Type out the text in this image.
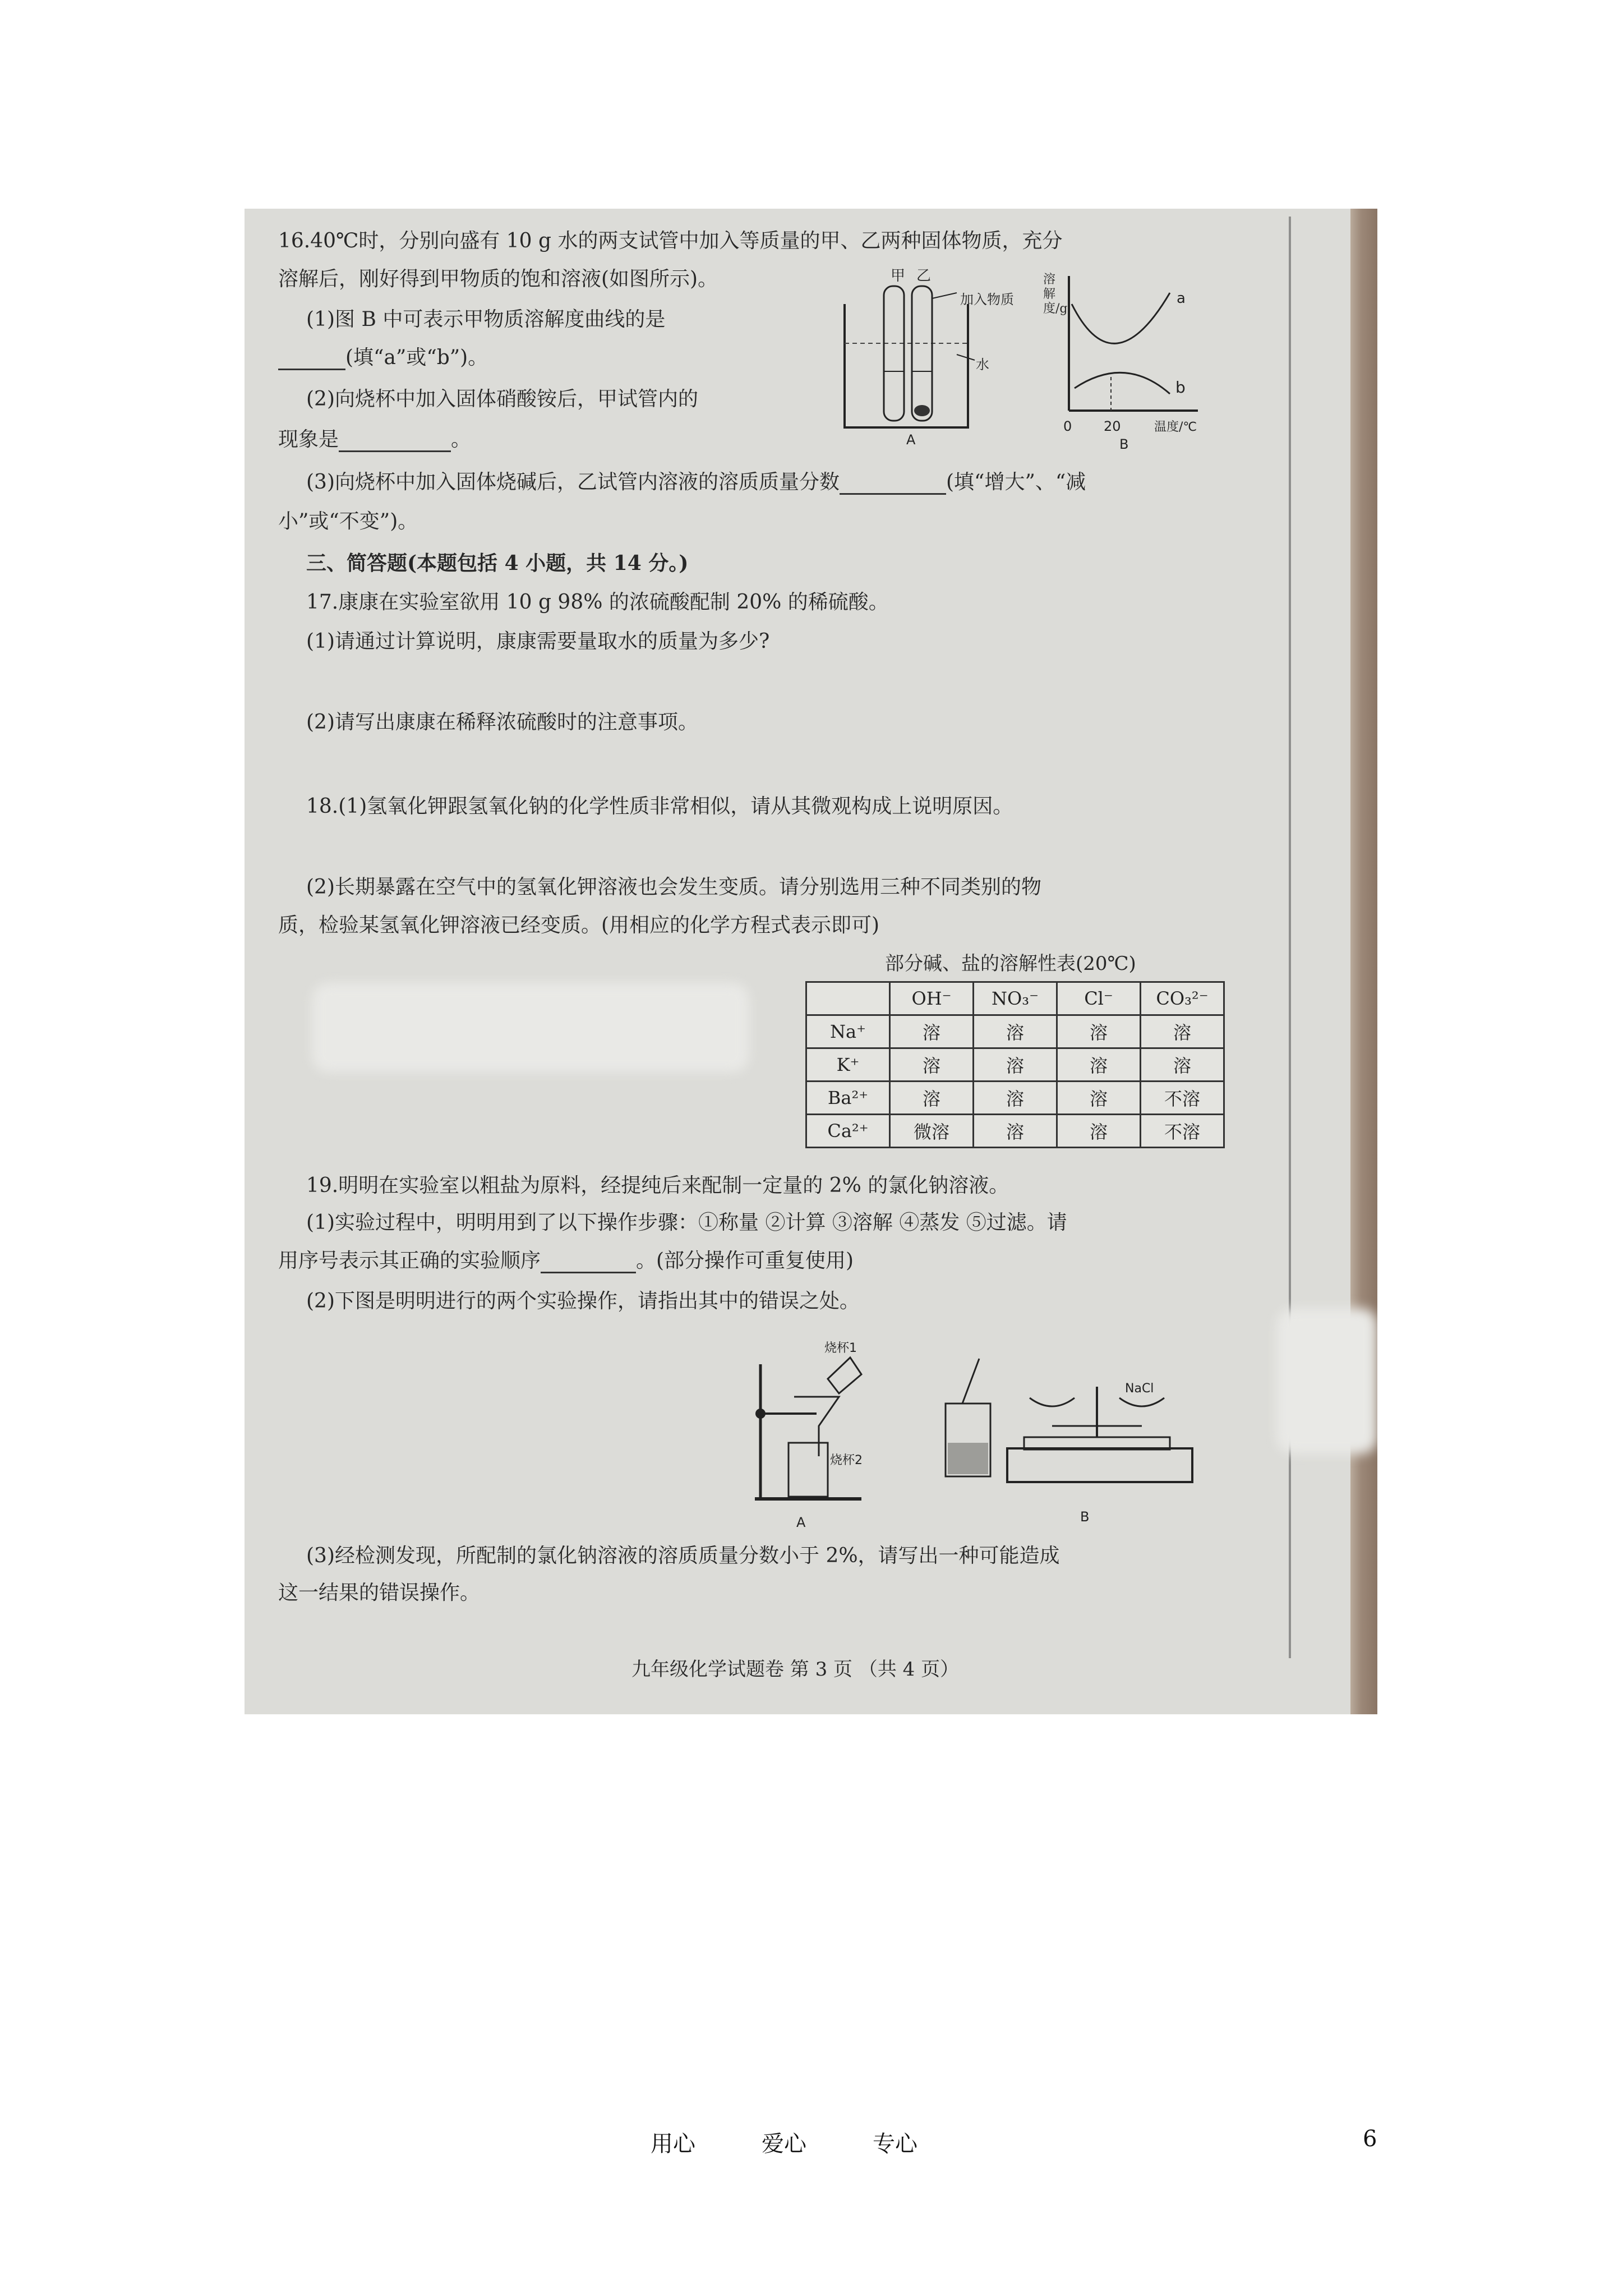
16.40℃时，分别向盛有 10 g 水的两支试管中加入等质量的甲、乙两种固体物质，充分
溶解后，刚好得到甲物质的饱和溶液(如图所示)。
(1)图 B 中可表示甲物质溶解度曲线的是
(填“a”或“b”)。
(2)向烧杯中加入固体硝酸铵后，甲试管内的
现象是	。
(3)向烧杯中加入固体烧碱后，乙试管内溶液的溶质质量分数	(填“增大”、“减
小”或“不变”)。
甲 乙
A
加入物质
水
a
b
0 20	温度/℃
B
溶解度/g
三、简答题(本题包括 4 小题，共 14 分。)
17.康康在实验室欲用 10 g 98% 的浓硫酸配制 20% 的稀硫酸。
(1)请通过计算说明，康康需要量取水的质量为多少?
(2)请写出康康在稀释浓硫酸时的注意事项。
18.(1)氢氧化钾跟氢氧化钠的化学性质非常相似，请从其微观构成上说明原因。
(2)长期暴露在空气中的氢氧化钾溶液也会发生变质。请分别选用三种不同类别的物
质，检验某氢氧化钾溶液已经变质。(用相应的化学方程式表示即可)
部分碱、盐的溶解性表(20℃)
	OH⁻	NO₃⁻	Cl⁻	CO₃²⁻
Na⁺	溶	溶	溶	溶
K⁺	溶	溶	溶	溶
Ba²⁺	溶	溶	溶	不溶
Ca²⁺	微溶	溶	溶	不溶
19.明明在实验室以粗盐为原料，经提纯后来配制一定量的 2% 的氯化钠溶液。
(1)实验过程中，明明用到了以下操作步骤：①称量 ②计算 ③溶解 ④蒸发 ⑤过滤。请
用序号表示其正确的实验顺序	。(部分操作可重复使用)
(2)下图是明明进行的两个实验操作，请指出其中的错误之处。
烧杯1
烧杯2
A
NaCl
B
(3)经检测发现，所配制的氯化钠溶液的溶质质量分数小于 2%，请写出一种可能造成
这一结果的错误操作。
九年级化学试题卷 第 3 页 （共 4 页）
用心	爱心	专心	6
